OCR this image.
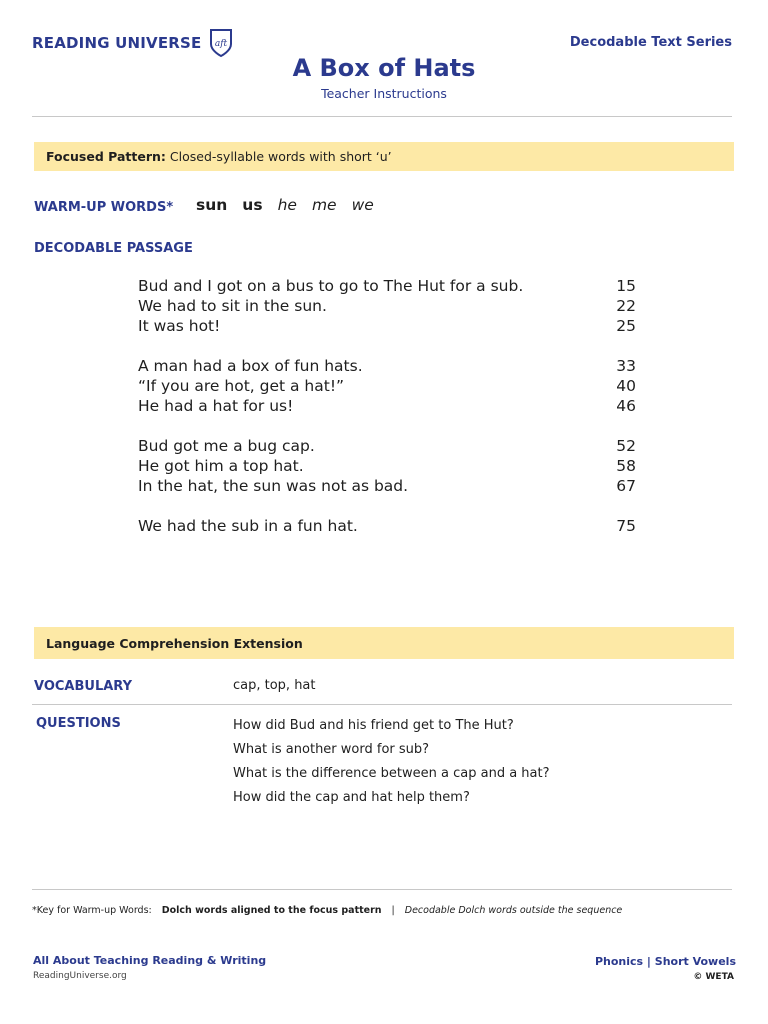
READING UNIVERSE aft	Decodable Text Series
A Box of Hats
Teacher Instructions
Focused Pattern: Closed-syllable words with short ‘u’
WARM-UP WORDS* sun us he me we
DECODABLE PASSAGE
Bud and I got on a bus to go to The Hut for a sub.	15
We had to sit in the sun.	22
It was hot!	25
A man had a box of fun hats.	33
“If you are hot, get a hat!”	40
He had a hat for us!	46
Bud got me a bug cap.	52
He got him a top hat.	58
In the hat, the sun was not as bad.	67
We had the sub in a fun hat.	75
Language Comprehension Extension
VOCABULARY	cap, top, hat
QUESTIONS	How did Bud and his friend get to The Hut?
What is another word for sub?
What is the difference between a cap and a hat?
How did the cap and hat help them?
*Key for Warm-up Words: Dolch words aligned to the focus pattern | Decodable Dolch words outside the sequence
All About Teaching Reading & Writing
ReadingUniverse.org
Phonics | Short Vowels
© WETA
